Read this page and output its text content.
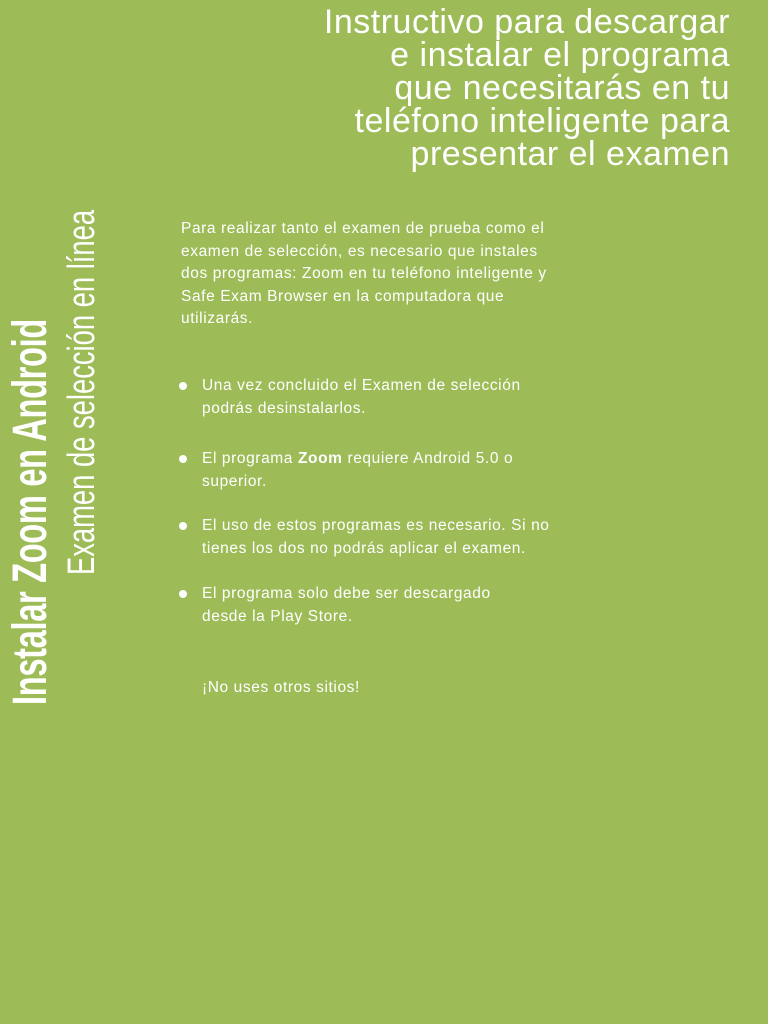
Instalar Zoom en Android Examen de selección en línea
Instructivo para descargar
e instalar el programa
que necesitarás en tu
teléfono inteligente para
presentar el examen

Para realizar tanto el examen de prueba como el
examen de selección, es necesario que instales
dos programas: Zoom en tu teléfono inteligente y
Safe Exam Browser en la computadora que
utilizarás.

Una vez concluido el Examen de selección
podrás desinstalarlos.
El programa Zoom requiere Android 5.0 o
superior.
El uso de estos programas es necesario. Si no
tienes los dos no podrás aplicar el examen.
El programa solo debe ser descargado
desde la Play Store.

¡No uses otros sitios!
